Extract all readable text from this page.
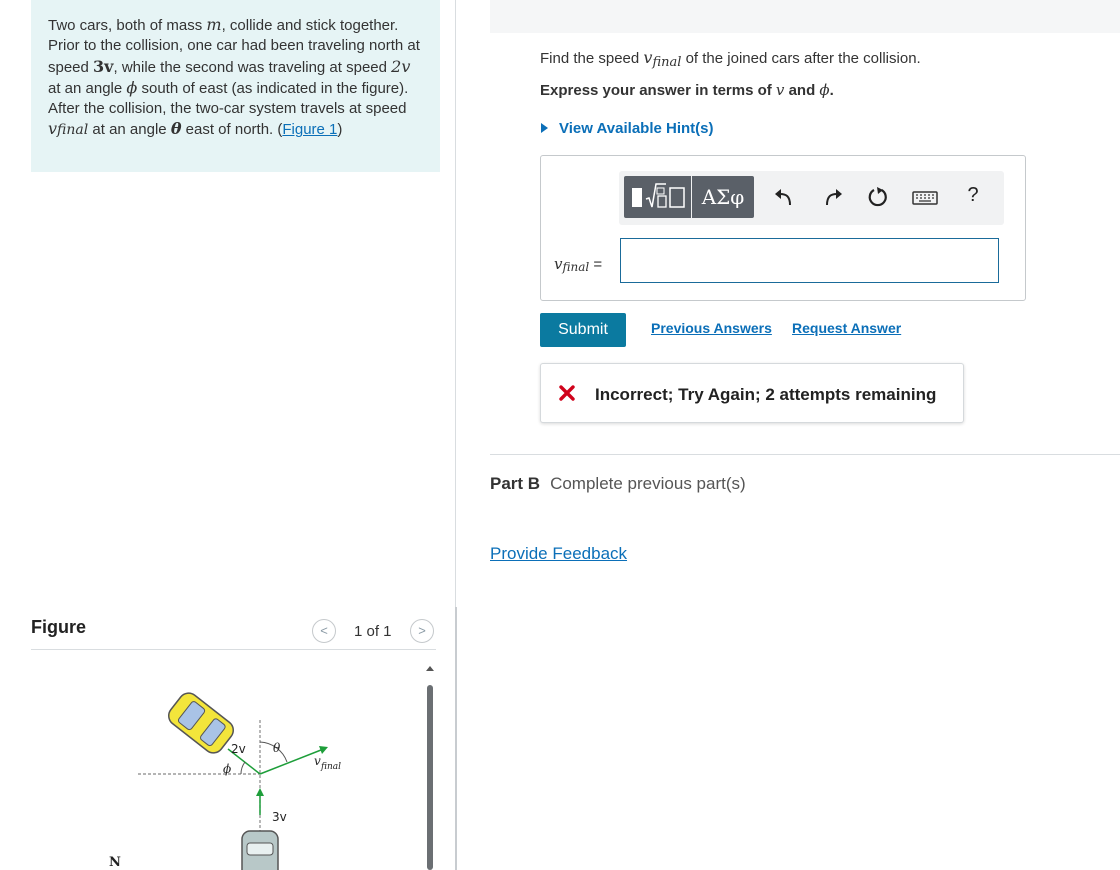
Two cars, both of mass m, collide and stick together. Prior to the collision, one car had been traveling north at speed 3v, while the second was traveling at speed 2v at an angle ϕ south of east (as indicated in the figure). After the collision, the two-car system travels at speed vfinal at an angle θ east of north. (Figure 1)
Find the speed vfinal of the joined cars after the collision.
Express your answer in terms of v and ϕ.
View Available Hint(s)
ΑΣφ	?
vfinal =
Submit	Previous Answers Request Answer
Incorrect; Try Again; 2 attempts remaining
Part B Complete previous part(s)
Provide Feedback
Figure	<	1 of 1	>
2v θ
ϕ
v final
3v
N
